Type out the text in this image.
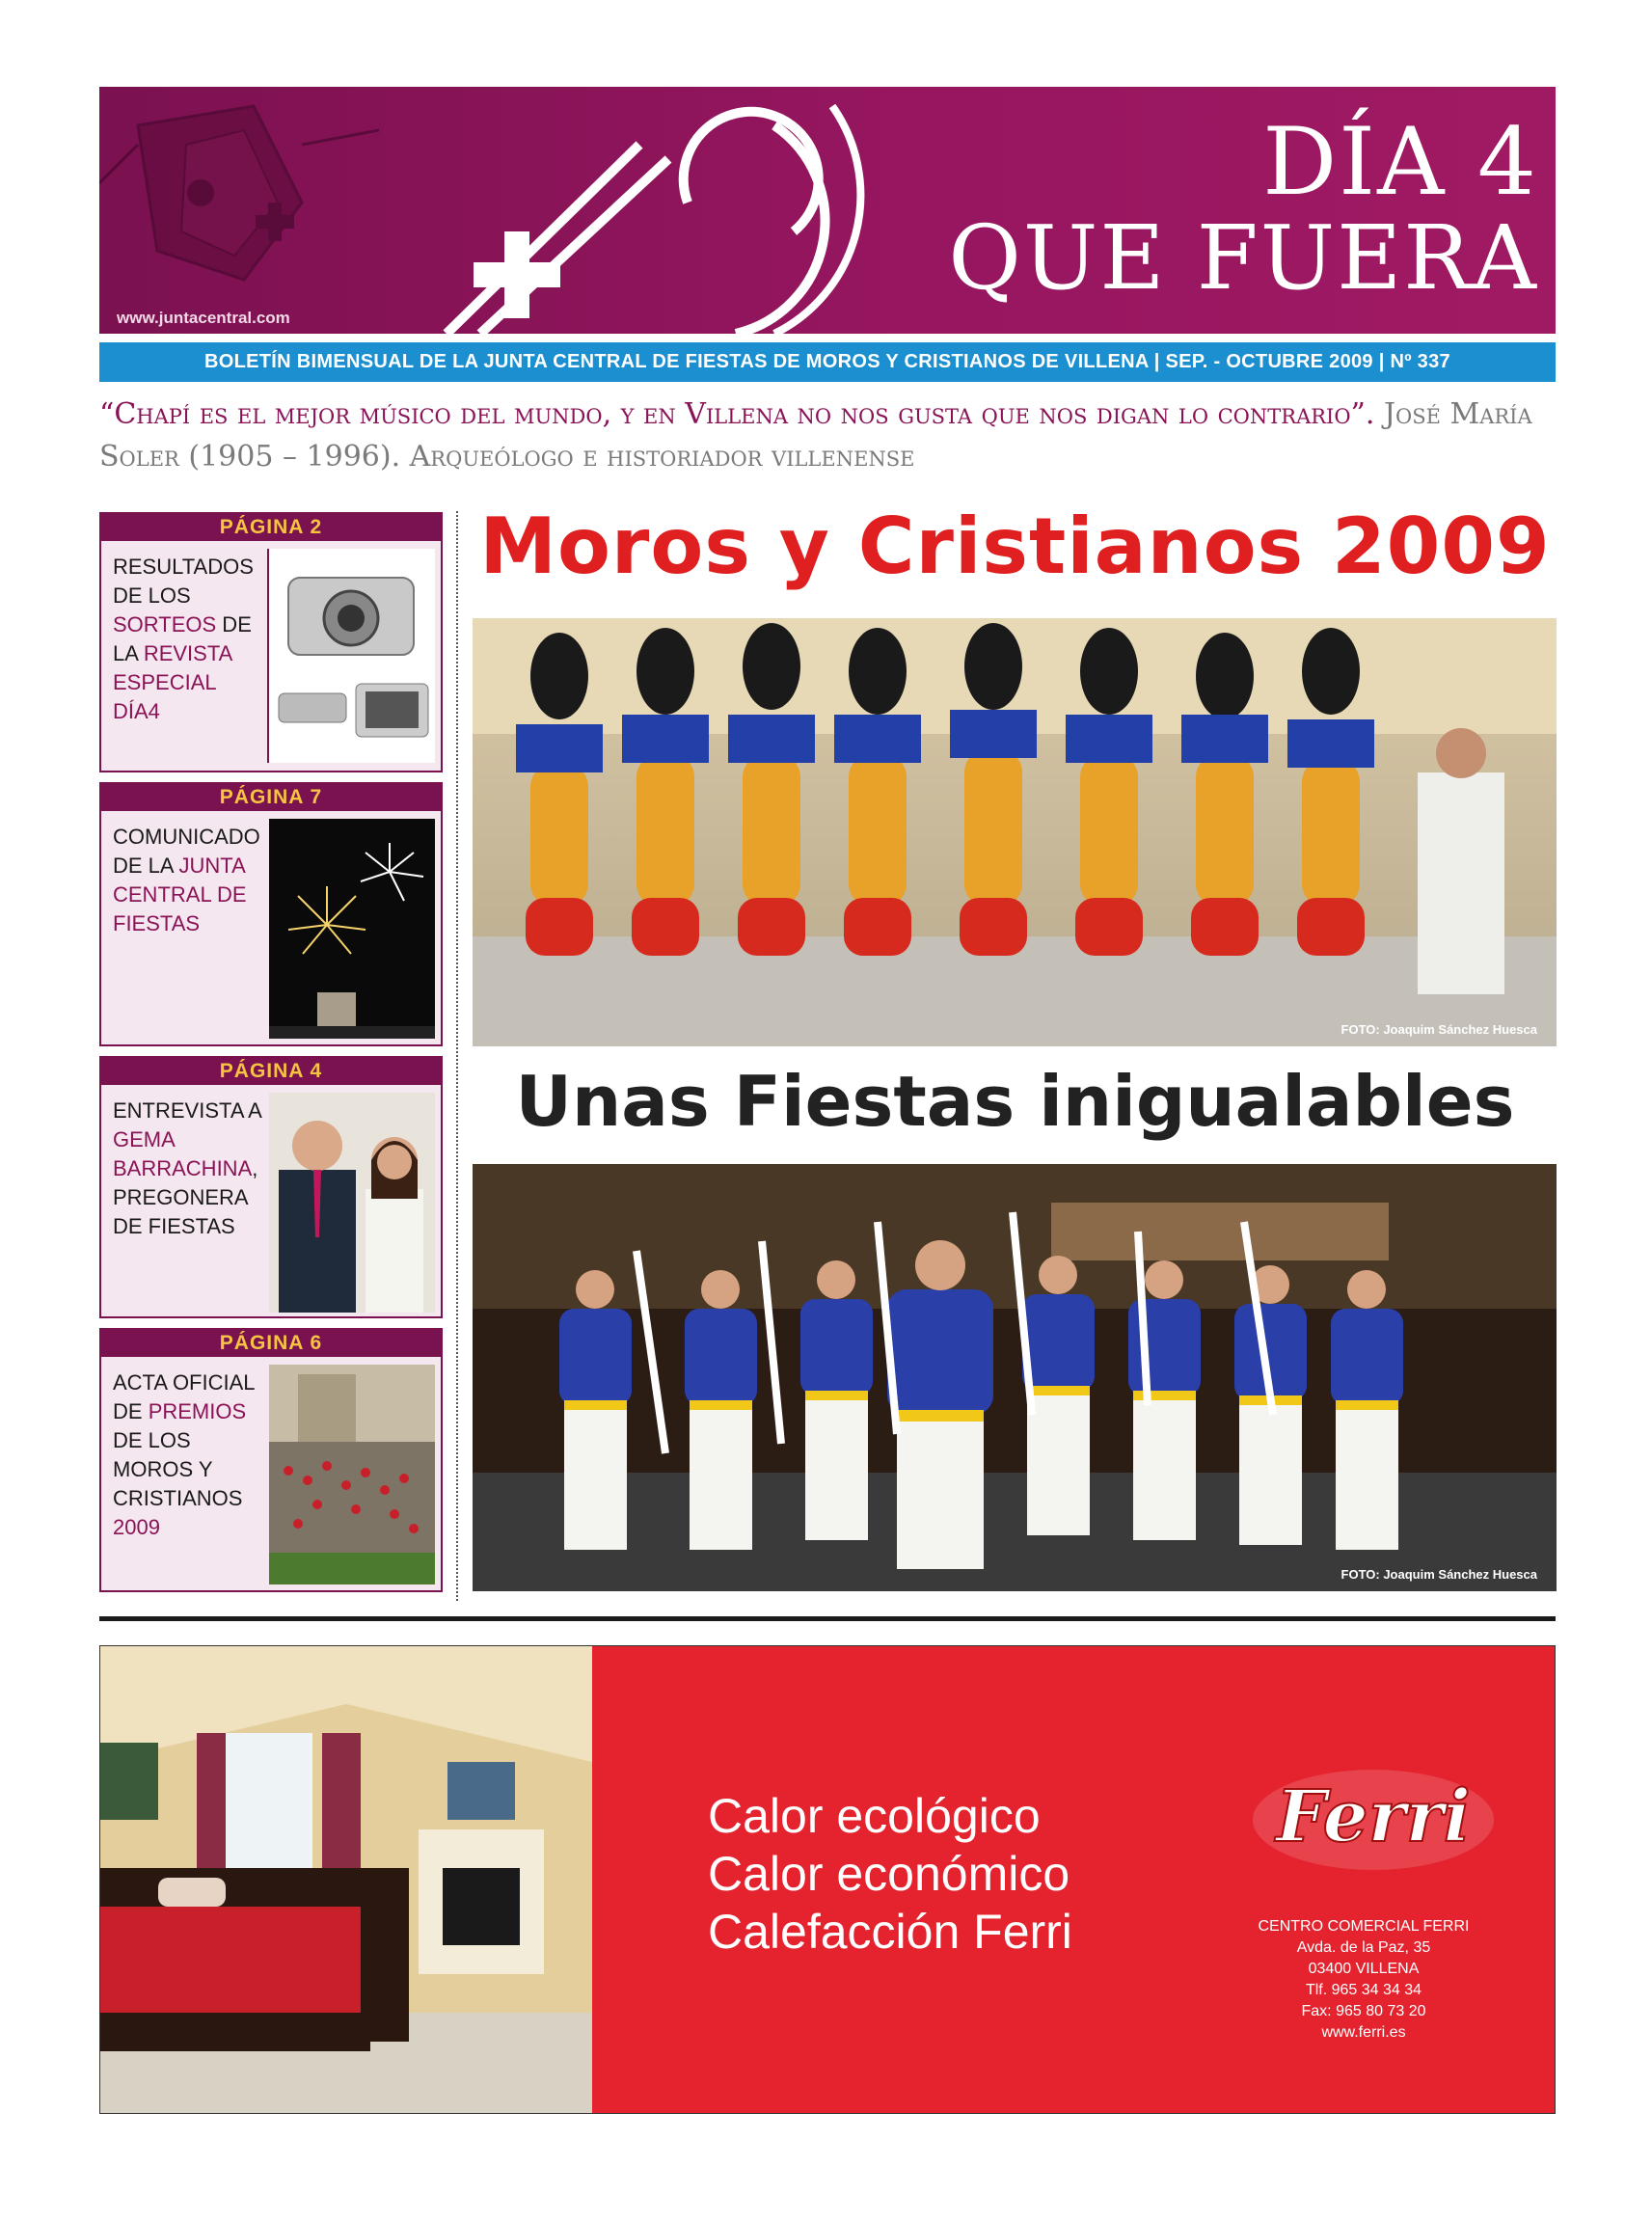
www.juntacentral.com
DÍA 4
QUE FUERA
BOLETÍN BIMENSUAL DE LA JUNTA CENTRAL DE FIESTAS DE MOROS Y CRISTIANOS DE VILLENA | SEP. - OCTUBRE 2009 | Nº 337
“Chapí es el mejor músico del mundo, y en Villena no nos gusta que nos digan lo contrario”. José María Soler (1905 – 1996). Arqueólogo e historiador villenense
PÁGINA 2
RESULTADOS DE LOS SORTEOS DE LA REVISTA ESPECIAL DÍA4
PÁGINA 7
COMUNICADO DE LA JUNTA CENTRAL DE FIESTAS
PÁGINA 4
ENTREVISTA A GEMA BARRACHINA, PREGONERA DE FIESTAS
PÁGINA 6
ACTA OFICIAL DE PREMIOS DE LOS MOROS Y CRISTIANOS 2009
Moros y Cristianos 2009
FOTO: Joaquim Sánchez Huesca
Unas Fiestas inigualables
FOTO: Joaquim Sánchez Huesca
Calor ecológico
Calor económico
Calefacción Ferri
Ferri
CENTRO COMERCIAL FERRI
Avda. de la Paz, 35
03400 VILLENA
Tlf. 965 34 34 34
Fax: 965 80 73 20
www.ferri.es
